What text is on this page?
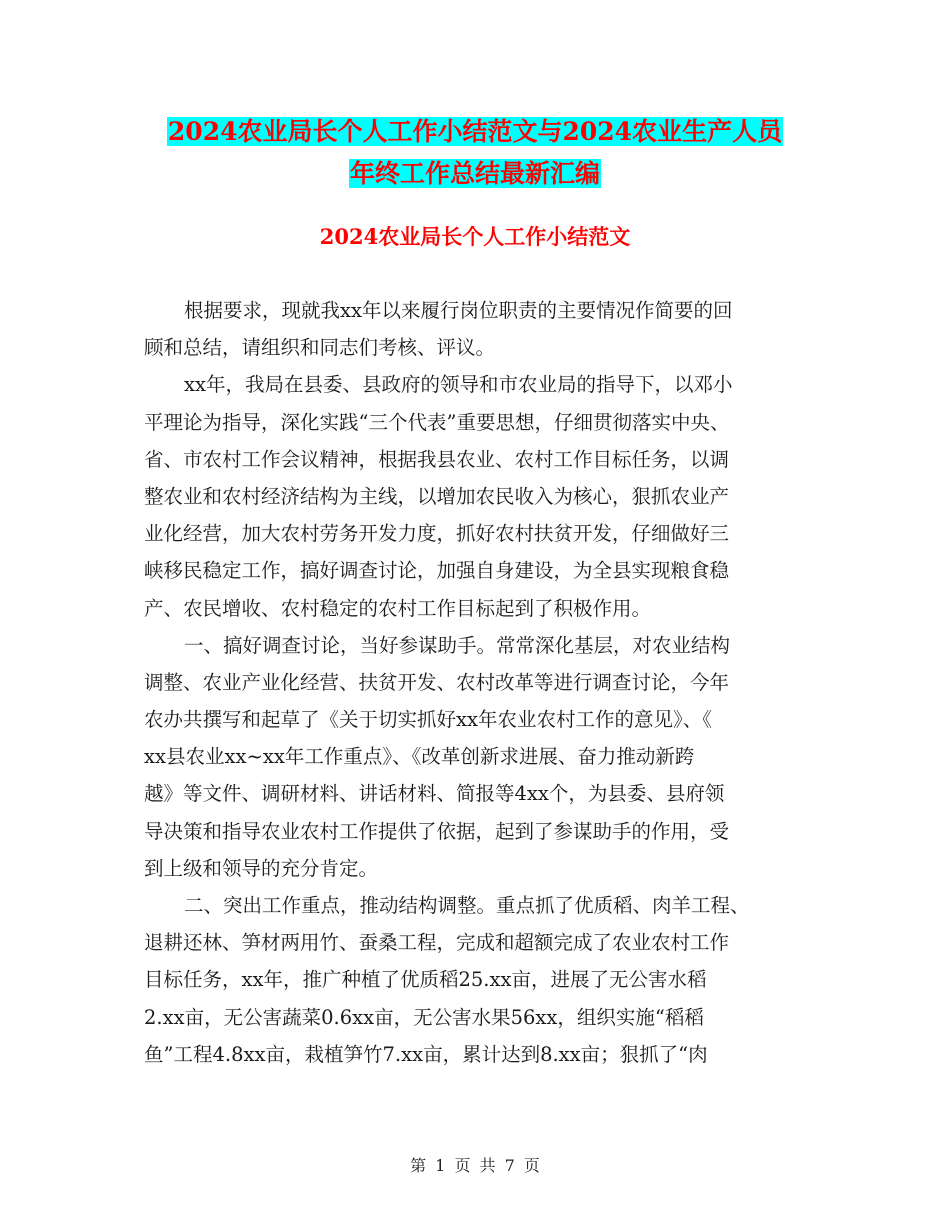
2024农业局长个人工作小结范文与2024农业生产人员
年终工作总结最新汇编
2024农业局长个人工作小结范文
根据要求，现就我xx年以来履行岗位职责的主要情况作简要的回
顾和总结，请组织和同志们考核、评议。
xx年，我局在县委、县政府的领导和市农业局的指导下，以邓小
平理论为指导，深化实践“三个代表”重要思想，仔细贯彻落实中央、
省、市农村工作会议精神，根据我县农业、农村工作目标任务，以调
整农业和农村经济结构为主线，以增加农民收入为核心，狠抓农业产
业化经营，加大农村劳务开发力度，抓好农村扶贫开发，仔细做好三
峡移民稳定工作，搞好调查讨论，加强自身建设，为全县实现粮食稳
产、农民增收、农村稳定的农村工作目标起到了积极作用。
一、搞好调查讨论，当好参谋助手。常常深化基层，对农业结构
调整、农业产业化经营、扶贫开发、农村改革等进行调查讨论，今年
农办共撰写和起草了《关于切实抓好xx年农业农村工作的意见》、《
xx县农业xx~xx年工作重点》、《改革创新求进展、奋力推动新跨
越》等文件、调研材料、讲话材料、简报等4xx个，为县委、县府领
导决策和指导农业农村工作提供了依据，起到了参谋助手的作用，受
到上级和领导的充分肯定。
二、突出工作重点，推动结构调整。重点抓了优质稻、肉羊工程、
退耕还林、笋材两用竹、蚕桑工程，完成和超额完成了农业农村工作
目标任务，xx年，推广种植了优质稻25.xx亩，进展了无公害水稻
2.xx亩，无公害蔬菜0.6xx亩，无公害水果56xx，组织实施“稻稻
鱼”工程4.8xx亩，栽植笋竹7.xx亩，累计达到8.xx亩；狠抓了“肉
第 1 页 共 7 页
